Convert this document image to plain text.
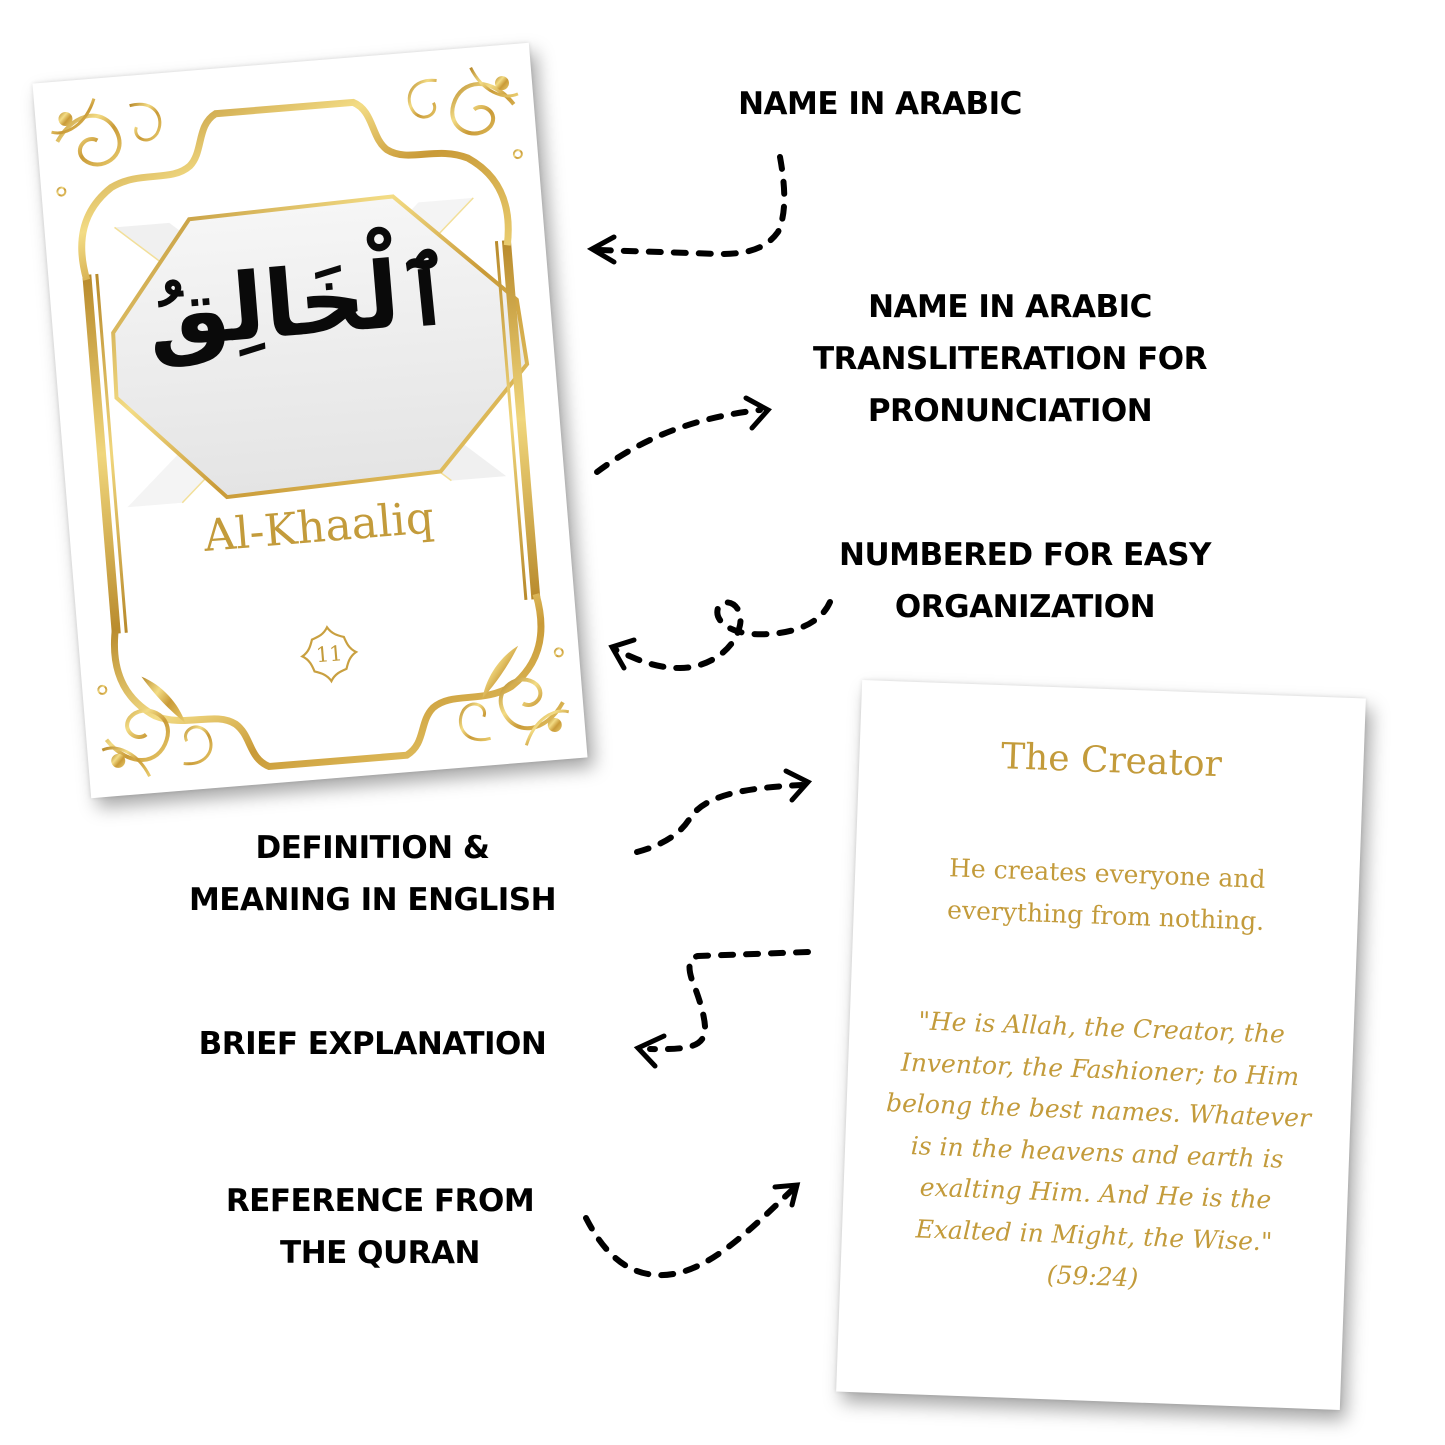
NAME IN ARABIC
NAME IN ARABIC
TRANSLITERATION FOR
PRONUNCIATION
NUMBERED FOR EASY
ORGANIZATION
DEFINITION &
MEANING IN ENGLISH
BRIEF EXPLANATION
REFERENCE FROM
THE QURAN
ٱلْخَالِقُ
Al-Khaaliq
11
The Creator
He creates everyone and everything from nothing.
"He is Allah, the Creator, the Inventor, the Fashioner; to Him belong the best names. Whatever is in the heavens and earth is exalting Him. And He is the Exalted in Might, the Wise."
(59:24)
